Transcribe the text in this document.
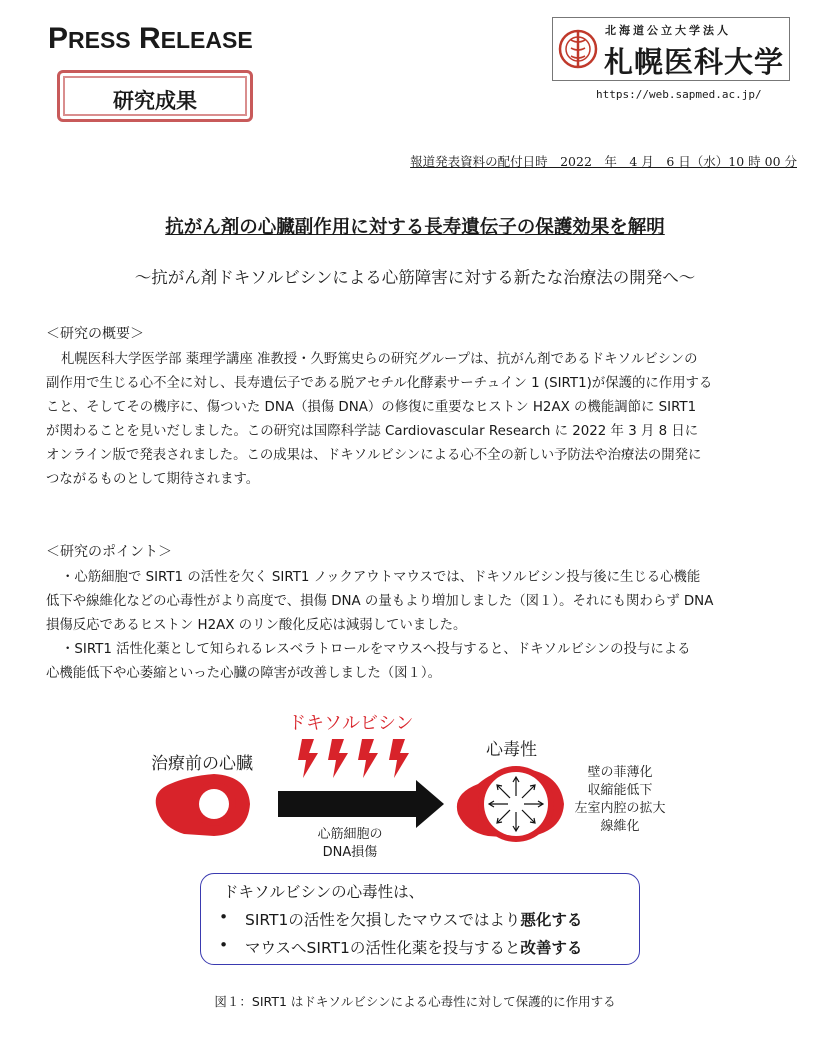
PRESS RELEASE
研究成果
北海道公立大学法人
札幌医科大学
https://web.sapmed.ac.jp/
報道発表資料の配付日時　2022　年　4 月　6 日（水）10 時 00 分
抗がん剤の心臓副作用に対する長寿遺伝子の保護効果を解明
～抗がん剤ドキソルビシンによる心筋障害に対する新たな治療法の開発へ～
＜研究の概要＞
札幌医科大学医学部 薬理学講座 准教授・久野篤史らの研究グループは、抗がん剤であるドキソルビシンの
副作用で生じる心不全に対し、長寿遺伝子である脱アセチル化酵素サーチュイン 1 (SIRT1)が保護的に作用する
こと、そしてその機序に、傷ついた DNA（損傷 DNA）の修復に重要なヒストン H2AX の機能調節に SIRT1
が関わることを見いだしました。この研究は国際科学誌 Cardiovascular Research に 2022 年 3 月 8 日に
オンライン版で発表されました。この成果は、ドキソルビシンによる心不全の新しい予防法や治療法の開発に
つながるものとして期待されます。
＜研究のポイント＞
・心筋細胞で SIRT1 の活性を欠く SIRT1 ノックアウトマウスでは、ドキソルビシン投与後に生じる心機能
低下や線維化などの心毒性がより高度で、損傷 DNA の量もより増加しました（図１）。それにも関わらず DNA
損傷反応であるヒストン H2AX のリン酸化反応は減弱していました。
・SIRT1 活性化薬として知られるレスベラトロールをマウスへ投与すると、ドキソルビシンの投与による
心機能低下や心萎縮といった心臓の障害が改善しました（図１）。
ドキソルビシン
治療前の心臓
心毒性
心筋細胞の
DNA損傷
壁の菲薄化
収縮能低下
左室内腔の拡大
線維化
ドキソルビシンの心毒性は、
• SIRT1の活性を欠損したマウスではより悪化する
• マウスへSIRT1の活性化薬を投与すると改善する
図１：SIRT1 はドキソルビシンによる心毒性に対して保護的に作用する
